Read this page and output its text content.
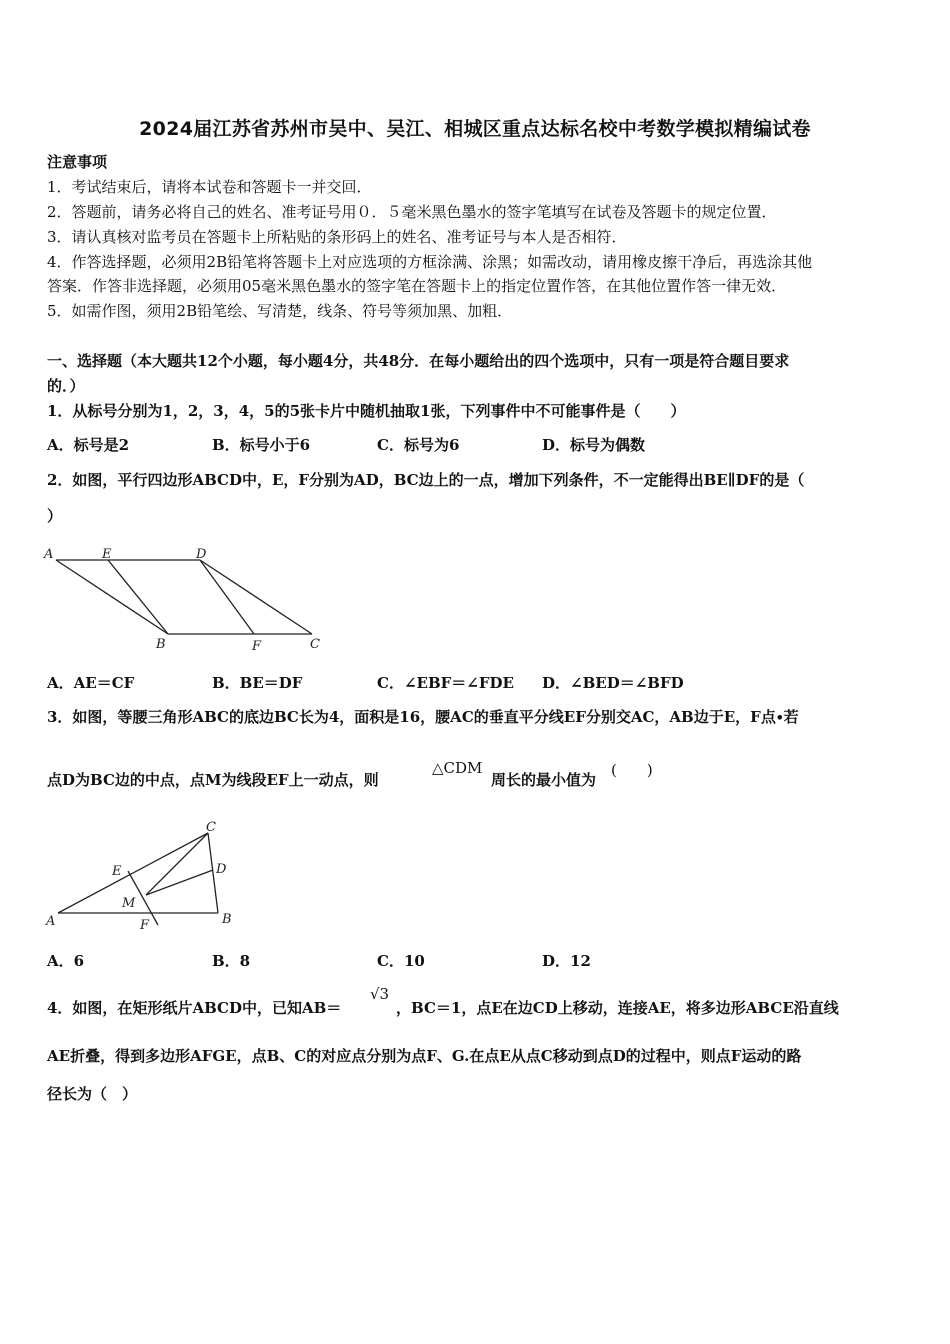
2024届江苏省苏州市吴中、吴江、相城区重点达标名校中考数学模拟精编试卷
注意事项
1．考试结束后，请将本试卷和答题卡一并交回．
2．答题前，请务必将自己的姓名、准考证号用０．５毫米黑色墨水的签字笔填写在试卷及答题卡的规定位置．
3．请认真核对监考员在答题卡上所粘贴的条形码上的姓名、准考证号与本人是否相符．
4．作答选择题，必须用2B铅笔将答题卡上对应选项的方框涂满、涂黑；如需改动，请用橡皮擦干净后，再选涂其他
答案．作答非选择题，必须用05毫米黑色墨水的签字笔在答题卡上的指定位置作答，在其他位置作答一律无效．
5．如需作图，须用2B铅笔绘、写清楚，线条、符号等须加黑、加粗．
一、选择题（本大题共12个小题，每小题4分，共48分．在每小题给出的四个选项中，只有一项是符合题目要求
的．）
1．从标号分别为1，2，3，4，5的5张卡片中随机抽取1张，下列事件中不可能事件是（　　）
A．标号是2	B．标号小于6	C．标号为6	D．标号为偶数
2．如图，平行四边形ABCD中，E，F分别为AD，BC边上的一点，增加下列条件，不一定能得出BE∥DF的是（
）
A	E	D
B	F	C
A．AE＝CF	B．BE＝DF	C．∠EBF＝∠FDE D．∠BED＝∠BFD
3．如图，等腰三角形ABC的底边BC长为4，面积是16，腰AC的垂直平分线EF分别交AC，AB边于E，F点∙若
点D为BC边的中点，点M为线段EF上一动点，则
△CDM
周长的最小值为
(　　)
C
E	D
M
A	F	B
A．6	B．8	C．10	D．12
4．如图，在矩形纸片ABCD中，已知AB＝
√3
，BC＝1，点E在边CD上移动，连接AE，将多边形ABCE沿直线
AE折叠，得到多边形AFGE，点B、C的对应点分别为点F、G.在点E从点C移动到点D的过程中，则点F运动的路
径长为（　）
